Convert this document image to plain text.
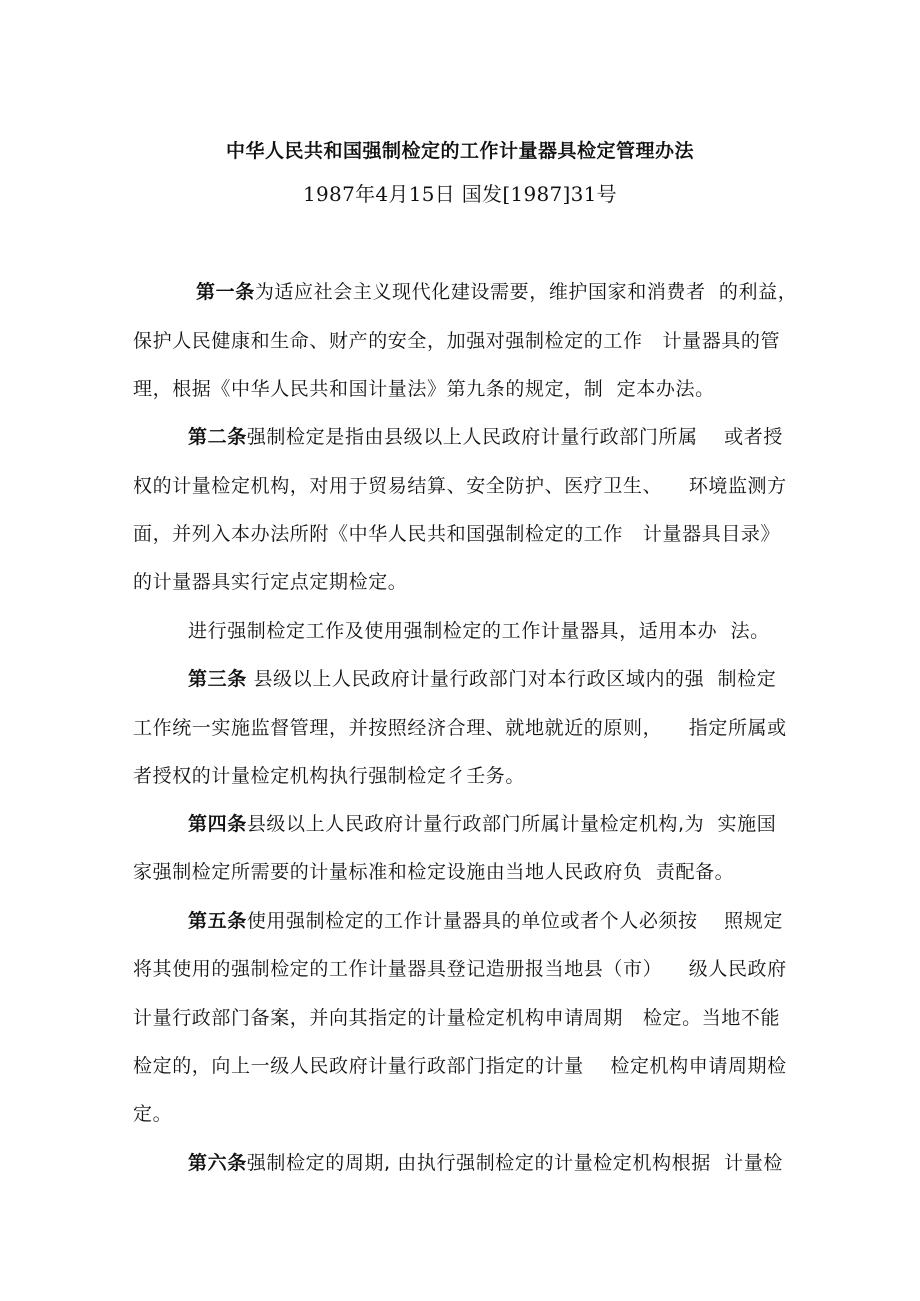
中华人民共和国强制检定的工作计量器具检定管理办法
1987年4月15日 国发[1987]31号
第一条为适应社会主义现代化建设需要，维护国家和消费者  的利益，
保护人民健康和生命、财产的安全，加强对强制检定的工作   计量器具的管
理，根据《中华人民共和国计量法》第九条的规定，制  定本办法。
第二条强制检定是指由县级以上人民政府计量行政部门所属    或者授
权的计量检定机构，对用于贸易结算、安全防护、医疗卫生、    环境监测方
面，并列入本办法所附《中华人民共和国强制检定的工作   计量器具目录》
的计量器具实行定点定期检定。
进行强制检定工作及使用强制检定的工作计量器具，适用本办  法。
第三条 县级以上人民政府计量行政部门对本行政区域内的强  制检定
工作统一实施监督管理，并按照经济合理、就地就近的原则，    指定所属或
者授权的计量检定机构执行强制检定彳壬务。
第四条县级以上人民政府计量行政部门所属计量检定机构,为  实施国
家强制检定所需要的计量标准和检定设施由当地人民政府负  责配备。
第五条使用强制检定的工作计量器具的单位或者个人必须按    照规定
将其使用的强制检定的工作计量器具登记造册报当地县（市）    级人民政府
计量行政部门备案，并向其指定的计量检定机构申请周期   检定。当地不能
检定的，向上一级人民政府计量行政部门指定的计量    检定机构申请周期检
定。
第六条强制检定的周期, 由执行强制检定的计量检定机构根据  计量检
